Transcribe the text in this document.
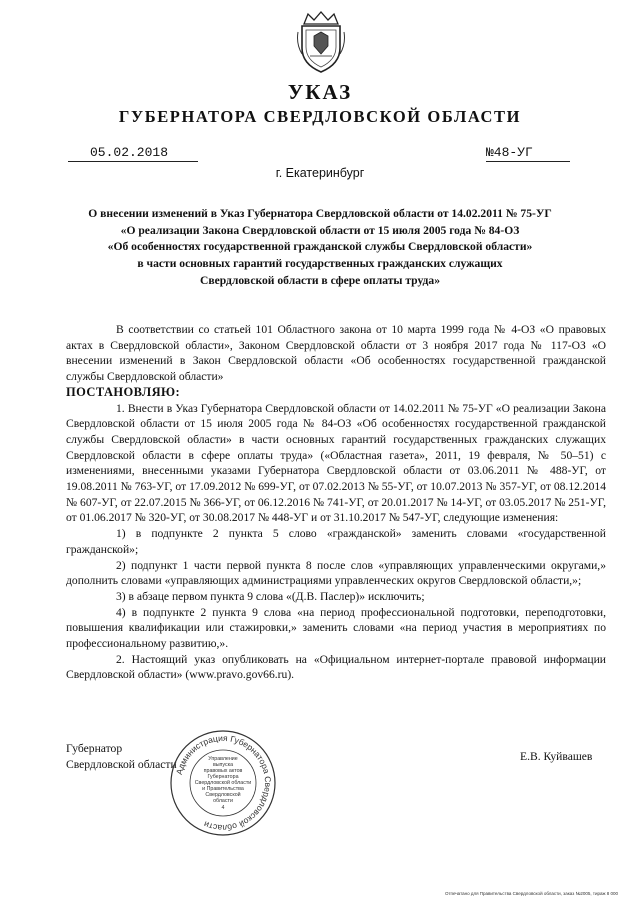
УКАЗ
ГУБЕРНАТОРА СВЕРДЛОВСКОЙ ОБЛАСТИ
05.02.2018	№48-УГ
г. Екатеринбург
О внесении изменений в Указ Губернатора Свердловской области от 14.02.2011 № 75-УГ
«О реализации Закона Свердловской области от 15 июля 2005 года № 84-ОЗ
«Об особенностях государственной гражданской службы Свердловской области»
в части основных гарантий государственных гражданских служащих
Свердловской области в сфере оплаты труда»

В соответствии со статьей 101 Областного закона от 10 марта 1999 года № 4-ОЗ «О правовых актах в Свердловской области», Законом Свердловской области от 3 ноября 2017 года № 117-ОЗ «О внесении изменений в Закон Свердловской области «Об особенностях государственной гражданской службы Свердловской области»

ПОСТАНОВЛЯЮ:

1. Внести в Указ Губернатора Свердловской области от 14.02.2011 № 75-УГ «О реализации Закона Свердловской области от 15 июля 2005 года № 84-ОЗ «Об особенностях государственной гражданской службы Свердловской области» в части основных гарантий государственных гражданских служащих Свердловской области в сфере оплаты труда» («Областная газета», 2011, 19 февраля, № 50–51) с изменениями, внесенными указами Губернатора Свердловской области от 03.06.2011 № 488-УГ, от 19.08.2011 № 763-УГ, от 17.09.2012 № 699-УГ, от 07.02.2013 № 55-УГ, от 10.07.2013 № 357-УГ, от 08.12.2014 № 607-УГ, от 22.07.2015 № 366-УГ, от 06.12.2016 № 741-УГ, от 20.01.2017 № 14-УГ, от 03.05.2017 № 251-УГ, от 01.06.2017 № 320-УГ, от 30.08.2017 № 448-УГ и от 31.10.2017 № 547-УГ, следующие изменения:

1) в подпункте 2 пункта 5 слово «гражданской» заменить словами «государственной гражданской»;

2) подпункт 1 части первой пункта 8 после слов «управляющих управленческими округами,» дополнить словами «управляющих администрациями управленческих округов Свердловской области,»;

3) в абзаце первом пункта 9 слова «(Д.В. Паслер)» исключить;

4) в подпункте 2 пункта 9 слова «на период профессиональной подготовки, переподготовки, повышения квалификации или стажировки,» заменить словами «на период участия в мероприятиях по профессиональному развитию,».

2. Настоящий указ опубликовать на «Официальном интернет-портале правовой информации Свердловской области» (www.pravo.gov66.ru).

Губернатор
Свердловской области
Е.В. Куйвашев
Администрация Губернатора Свердловской области
Управление
выпуска
правовых актов
Губернатора
Свердловской области
и Правительства
Свердловской
области
4
Отпечатано для Правительства Свердловской области, заказ №2005, тираж 8 000
